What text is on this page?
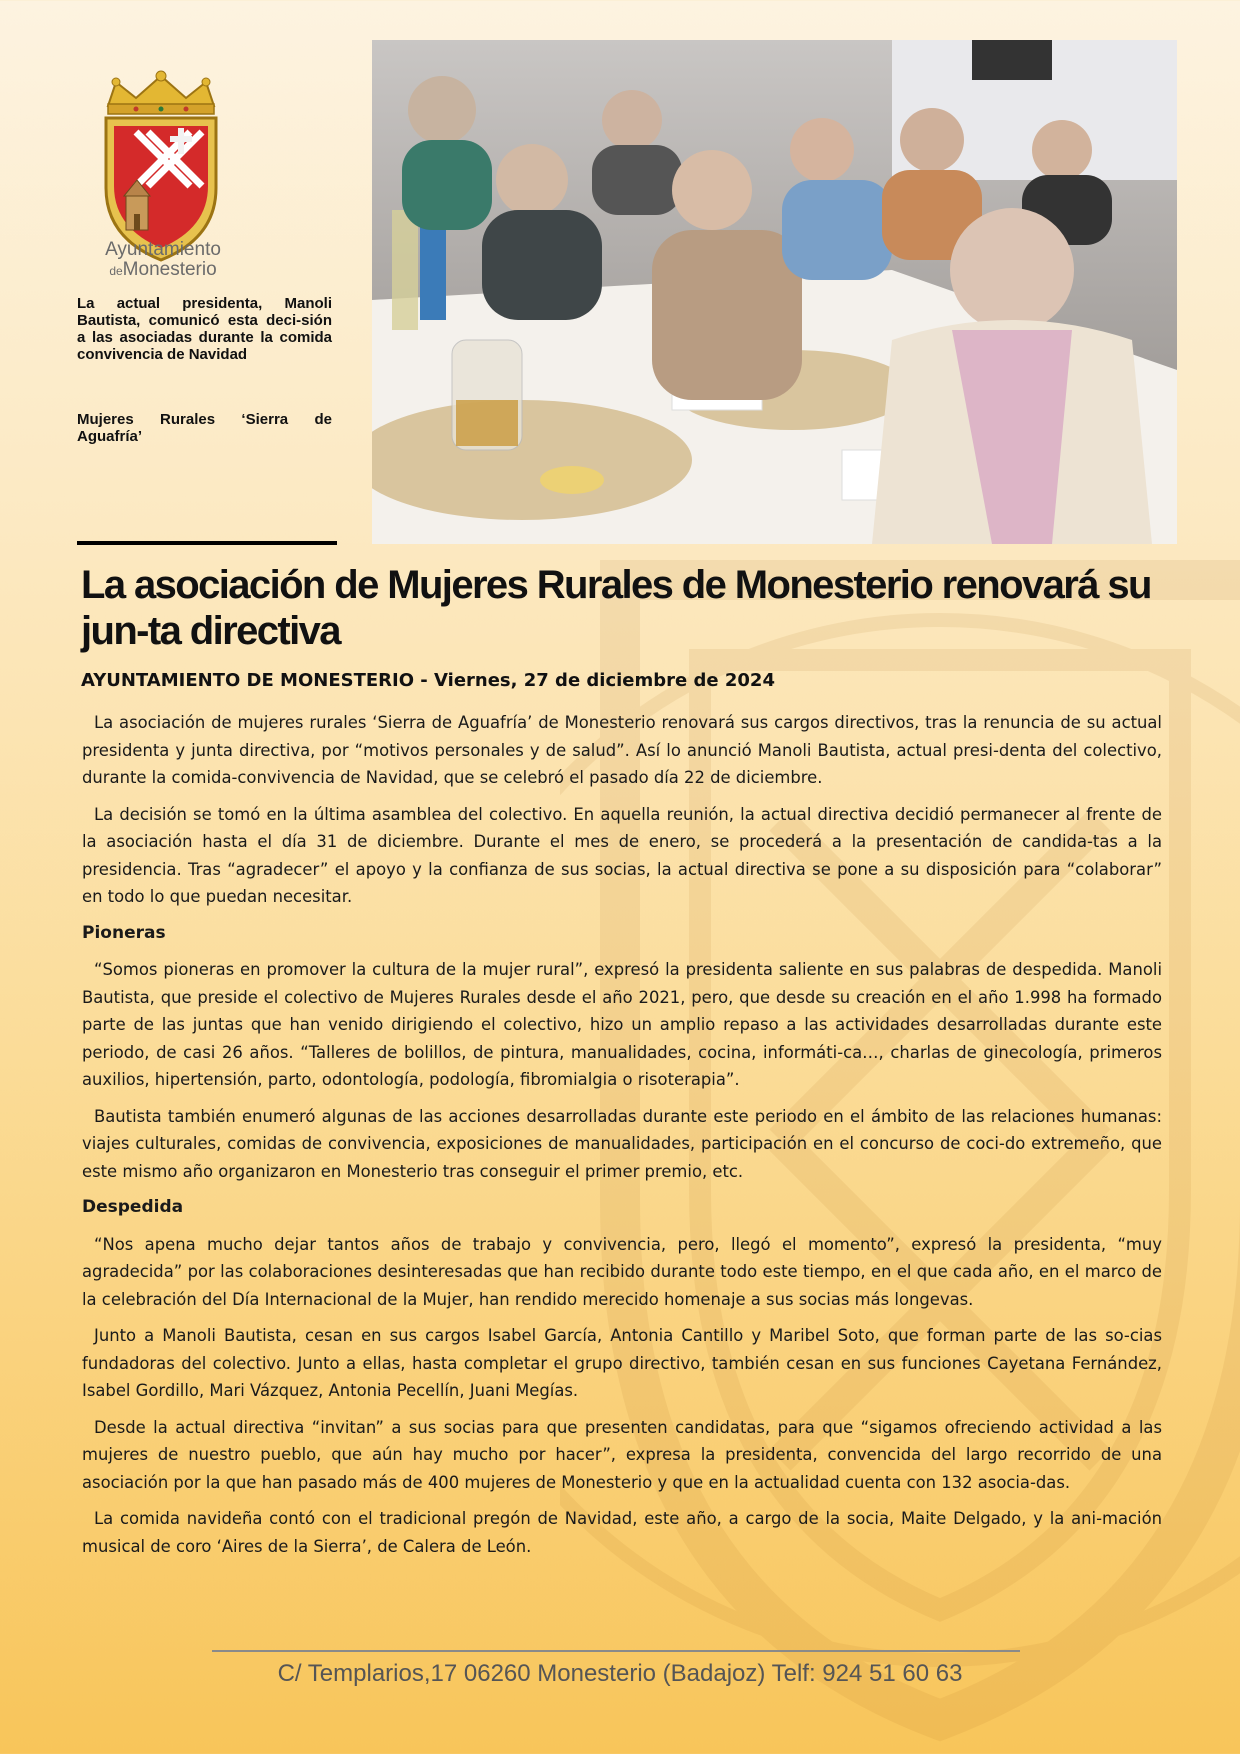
Ayuntamiento
deMonesterio
La actual presidenta, Manoli Bautista, comunicó esta deci-sión a las asociadas durante la comida convivencia de Navidad
Mujeres Rurales ‘Sierra de Aguafría’
La asociación de Mujeres Rurales de Monesterio renovará su jun-ta directiva

AYUNTAMIENTO DE MONESTERIO - Viernes, 27 de diciembre de 2024

La asociación de mujeres rurales ‘Sierra de Aguafría’ de Monesterio renovará sus cargos directivos, tras la renuncia de su actual presidenta y junta directiva, por “motivos personales y de salud”. Así lo anunció Manoli Bautista, actual presi-denta del colectivo, durante la comida-convivencia de Navidad, que se celebró el pasado día 22 de diciembre.

La decisión se tomó en la última asamblea del colectivo. En aquella reunión, la actual directiva decidió permanecer al frente de la asociación hasta el día 31 de diciembre. Durante el mes de enero, se procederá a la presentación de candida-tas a la presidencia. Tras “agradecer” el apoyo y la confianza de sus socias, la actual directiva se pone a su disposición para “colaborar” en todo lo que puedan necesitar.

Pioneras

“Somos pioneras en promover la cultura de la mujer rural”, expresó la presidenta saliente en sus palabras de despedida. Manoli Bautista, que preside el colectivo de Mujeres Rurales desde el año 2021, pero, que desde su creación en el año 1.998 ha formado parte de las juntas que han venido dirigiendo el colectivo, hizo un amplio repaso a las actividades desarrolladas durante este periodo, de casi 26 años. “Talleres de bolillos, de pintura, manualidades, cocina, informáti-ca…, charlas de ginecología, primeros auxilios, hipertensión, parto, odontología, podología, fibromialgia o risoterapia”.

Bautista también enumeró algunas de las acciones desarrolladas durante este periodo en el ámbito de las relaciones humanas: viajes culturales, comidas de convivencia, exposiciones de manualidades, participación en el concurso de coci-do extremeño, que este mismo año organizaron en Monesterio tras conseguir el primer premio, etc.

Despedida

“Nos apena mucho dejar tantos años de trabajo y convivencia, pero, llegó el momento”, expresó la presidenta, “muy agradecida” por las colaboraciones desinteresadas que han recibido durante todo este tiempo, en el que cada año, en el marco de la celebración del Día Internacional de la Mujer, han rendido merecido homenaje a sus socias más longevas.

Junto a Manoli Bautista, cesan en sus cargos Isabel García, Antonia Cantillo y Maribel Soto, que forman parte de las so-cias fundadoras del colectivo. Junto a ellas, hasta completar el grupo directivo, también cesan en sus funciones Cayetana Fernández, Isabel Gordillo, Mari Vázquez, Antonia Pecellín, Juani Megías.

Desde la actual directiva “invitan” a sus socias para que presenten candidatas, para que “sigamos ofreciendo actividad a las mujeres de nuestro pueblo, que aún hay mucho por hacer”, expresa la presidenta, convencida del largo recorrido de una asociación por la que han pasado más de 400 mujeres de Monesterio y que en la actualidad cuenta con 132 asocia-das.

La comida navideña contó con el tradicional pregón de Navidad, este año, a cargo de la socia, Maite Delgado, y la ani-mación musical de coro ‘Aires de la Sierra’, de Calera de León.

C/ Templarios,17 06260 Monesterio (Badajoz) Telf: 924 51 60 63
